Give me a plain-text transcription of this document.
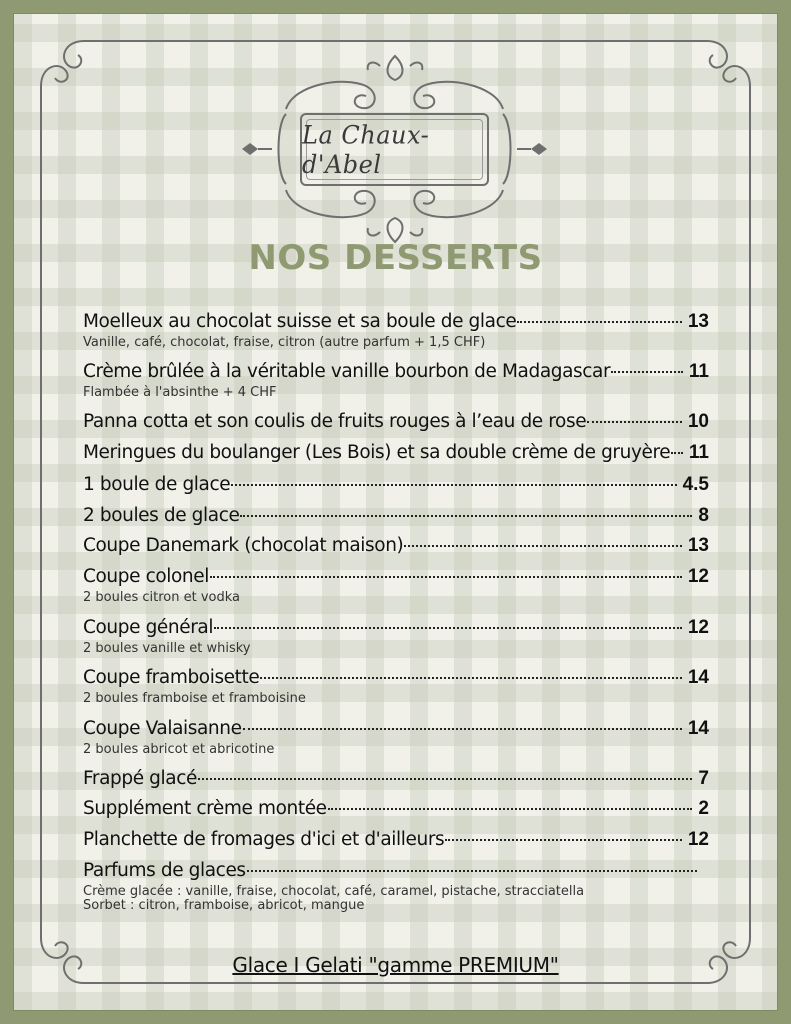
La Chaux-d'Abel
NOS DESSERTS
Moelleux au chocolat suisse et sa boule de glace	13
Vanille, café, chocolat, fraise, citron (autre parfum + 1,5 CHF)
Crème brûlée à la véritable vanille bourbon de Madagascar	11
Flambée à l'absinthe + 4 CHF
Panna cotta et son coulis de fruits rouges à l’eau de rose	10
Meringues du boulanger (Les Bois) et sa double crème de gruyère 11
1 boule de glace	4.5
2 boules de glace	8
Coupe Danemark (chocolat maison)	13
Coupe colonel	12
2 boules citron et vodka
Coupe général	12
2 boules vanille et whisky
Coupe framboisette	14
2 boules framboise et framboisine
Coupe Valaisanne	14
2 boules abricot et abricotine
Frappé glacé	7
Supplément crème montée	2
Planchette de fromages d'ici et d'ailleurs	12
Parfums de glaces
Crème glacée : vanille, fraise, chocolat, café, caramel, pistache, stracciatella
Sorbet : citron, framboise, abricot, mangue
Glace I Gelati "gamme PREMIUM"
